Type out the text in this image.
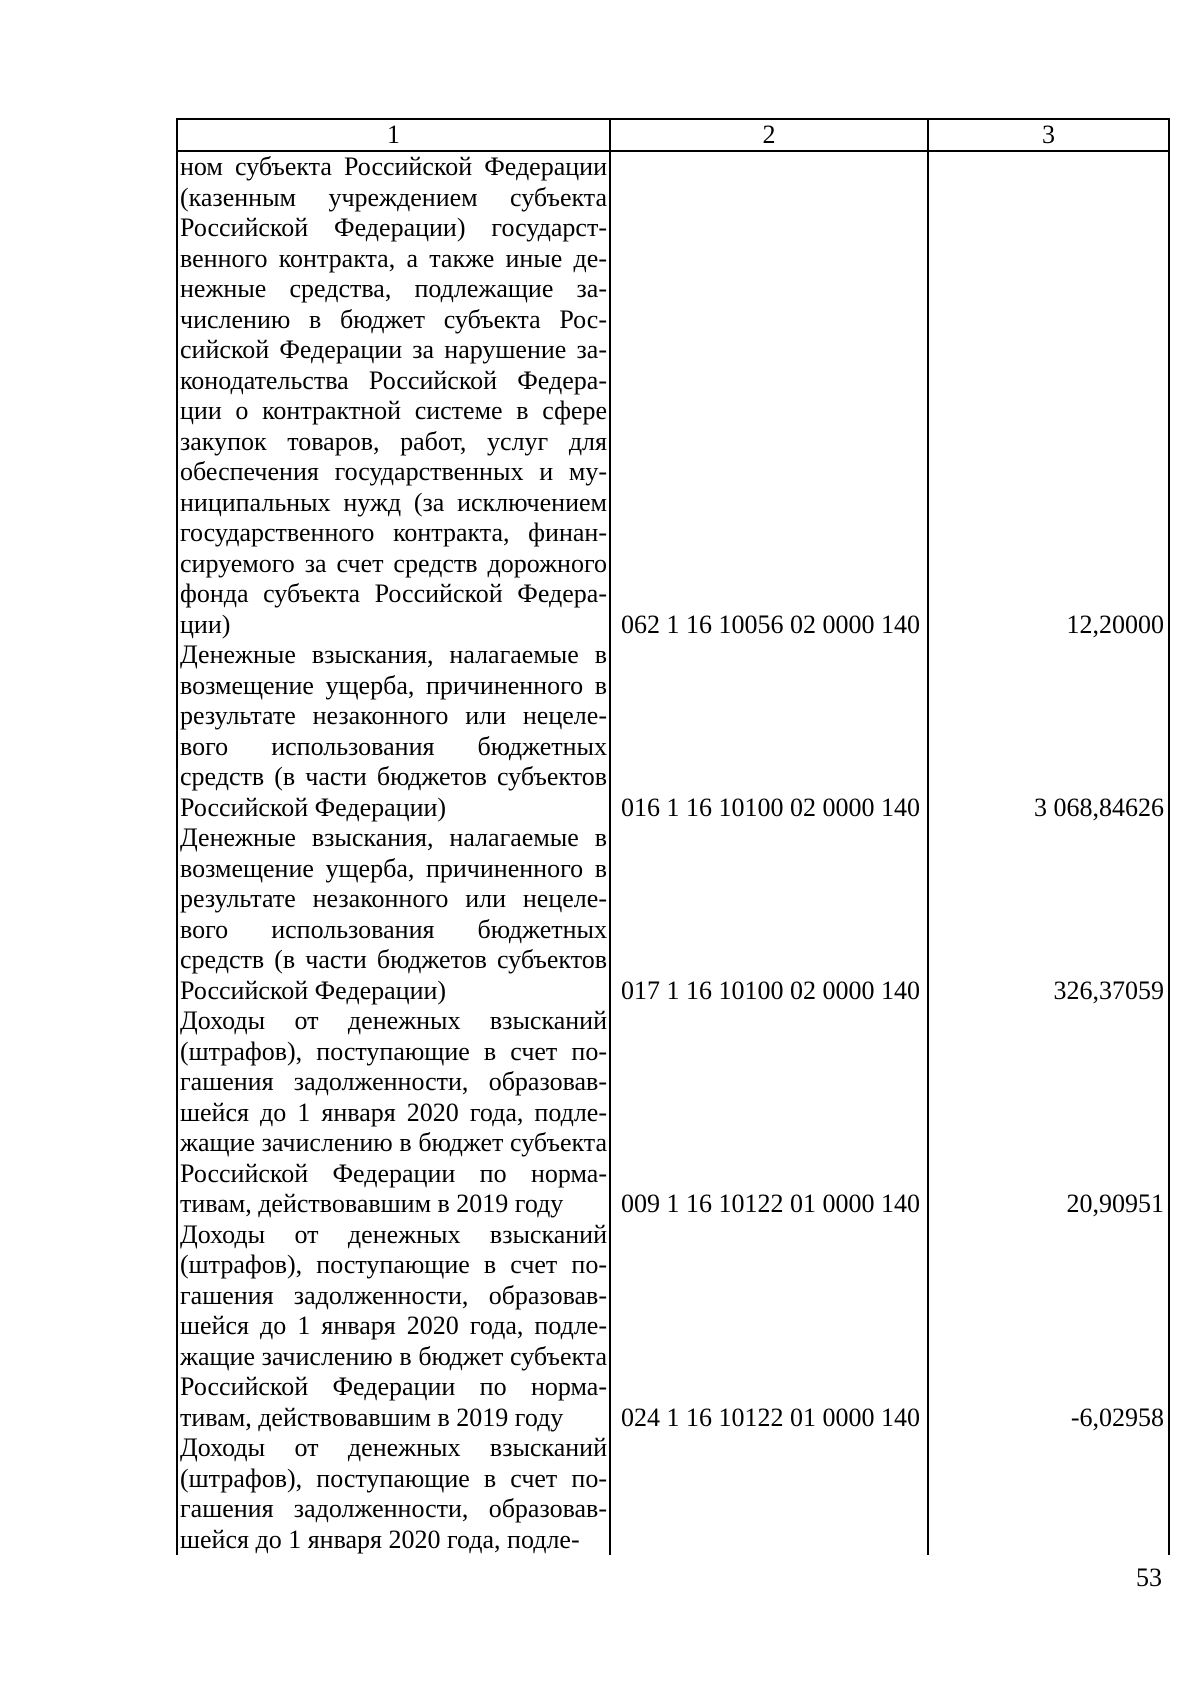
1	2	3
ном субъекта Российской Федерации (казенным учреждением субъекта Российской Федерации) государственного контракта, а также иные денежные средства, подлежащие зачислению в бюджет субъекта Российской Федерации за нарушение законодательства Российской Федерации о контрактной системе в сфере закупок товаров, работ, услуг для обеспечения государственных и муниципальных нужд (за исключением государственного контракта, финансируемого за счет средств дорожного фонда субъекта Российской Федерации)	062 1 16 10056 02 0000 140	12,20000
Денежные взыскания, налагаемые в возмещение ущерба, причиненного в результате незаконного или нецелевого использования бюджетных средств (в части бюджетов субъектов Российской Федерации)	016 1 16 10100 02 0000 140	3 068,84626
Денежные взыскания, налагаемые в возмещение ущерба, причиненного в результате незаконного или нецелевого использования бюджетных средств (в части бюджетов субъектов Российской Федерации)	017 1 16 10100 02 0000 140	326,37059
Доходы от денежных взысканий (штрафов), поступающие в счет погашения задолженности, образовавшейся до 1 января 2020 года, подлежащие зачислению в бюджет субъекта Российской Федерации по нормативам, действовавшим в 2019 году	009 1 16 10122 01 0000 140	20,90951
Доходы от денежных взысканий (штрафов), поступающие в счет погашения задолженности, образовавшейся до 1 января 2020 года, подлежащие зачислению в бюджет субъекта Российской Федерации по нормативам, действовавшим в 2019 году	024 1 16 10122 01 0000 140	-6,02958
Доходы от денежных взысканий (штрафов), поступающие в счет погашения задолженности, образовавшейся до 1 января 2020 года, подле-		
53
